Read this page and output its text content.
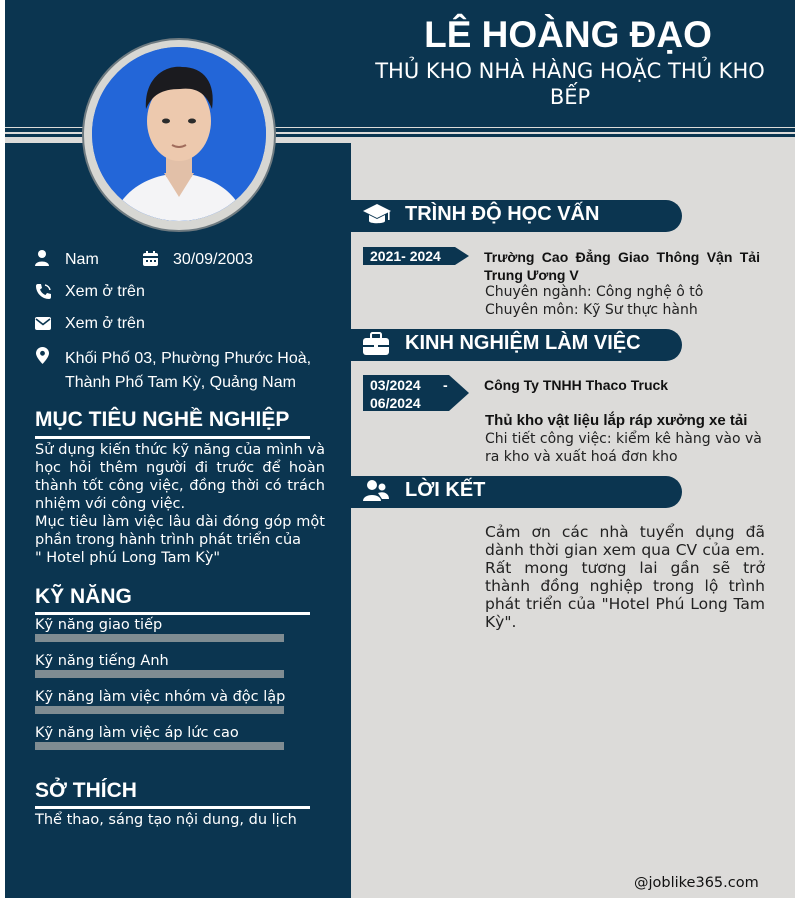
LÊ HOÀNG ĐẠO
THỦ KHO NHÀ HÀNG HOẶC THỦ KHO BẾP
Nam	30/09/2003
Xem ở trên
Xem ở trên
Khối Phố 03, Phường Phước Hoà, Thành Phố Tam Kỳ, Quảng Nam
MỤC TIÊU NGHỀ NGHIỆP
Sử dụng kiến thức kỹ năng của mình và học hỏi thêm người đi trước để hoàn thành tốt công việc, đồng thời có trách nhiệm với công việc.
Mục tiêu làm việc lâu dài đóng góp một phần trong hành trình phát triển của
" Hotel phú Long Tam Kỳ"
KỸ NĂNG
Kỹ năng giao tiếp
Kỹ năng tiếng Anh
Kỹ năng làm việc nhóm và độc lập
Kỹ năng làm việc áp lức cao
SỞ THÍCH
Thể thao, sáng tạo nội dung, du lịch
TRÌNH ĐỘ HỌC VẤN
2021- 2024	Trường Cao Đẳng Giao Thông Vận Tải Trung Ương V
Chuyên ngành: Công nghệ ô tô
Chuyên môn: Kỹ Sư thực hành
KINH NGHIỆM LÀM VIỆC
03/2024 -
06/2024
Công Ty TNHH Thaco Truck
Thủ kho vật liệu lắp ráp xưởng xe tải
Chi tiết công việc: kiểm kê hàng vào và ra kho và xuất hoá đơn kho
LỜI KẾT
Cảm ơn các nhà tuyển dụng đã dành thời gian xem qua CV của em. Rất mong tương lai gần sẽ trở thành đồng nghiệp trong lộ trình phát triển của "Hotel Phú Long Tam Kỳ".
@joblike365.com
